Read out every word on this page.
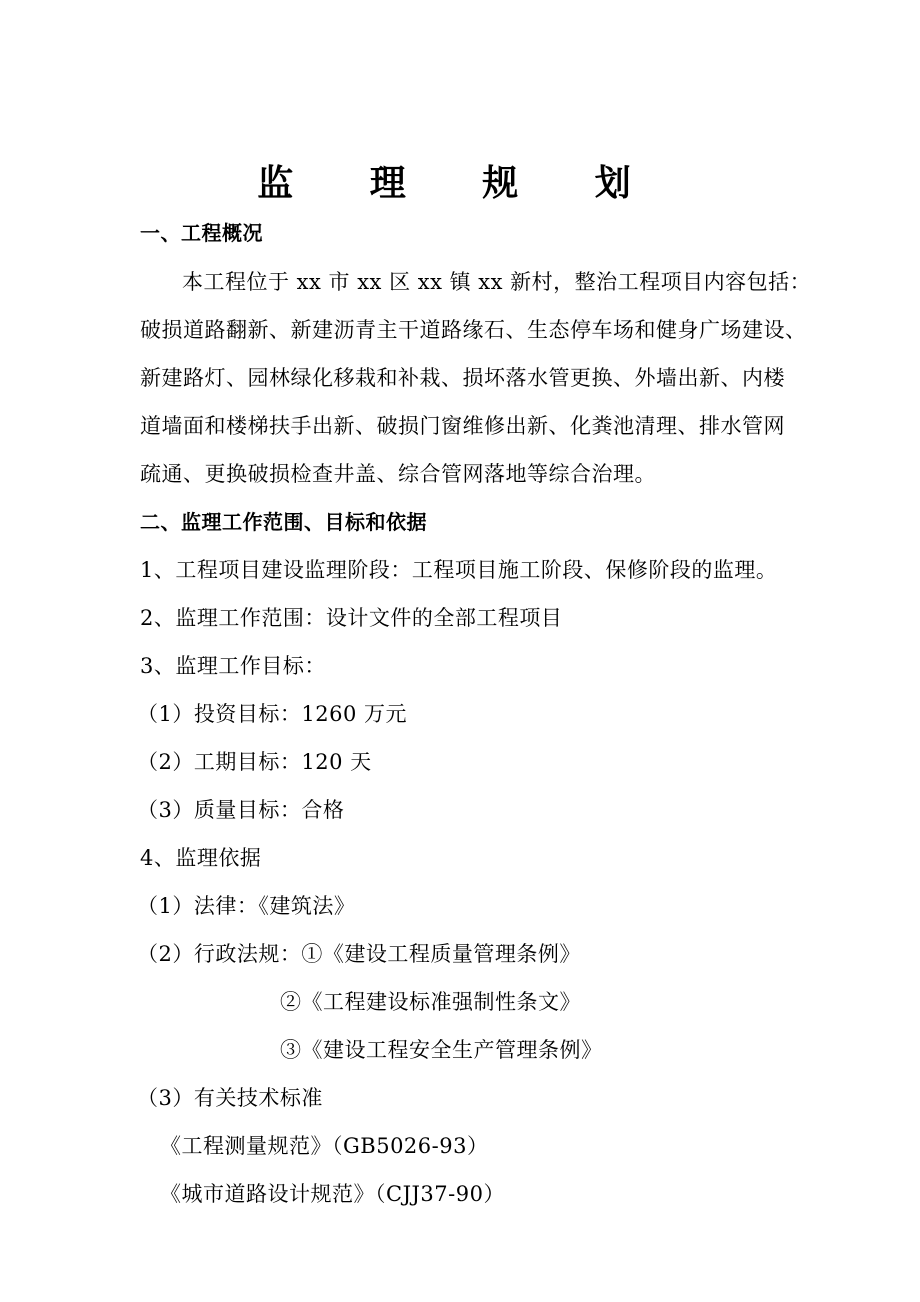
监 理 规 划
一、工程概况
本工程位于 xx 市 xx 区 xx 镇 xx 新村，整治工程项目内容包括：
破损道路翻新、新建沥青主干道路缘石、生态停车场和健身广场建设、
新建路灯、园林绿化移栽和补栽、损坏落水管更换、外墙出新、内楼
道墙面和楼梯扶手出新、破损门窗维修出新、化粪池清理、排水管网
疏通、更换破损检查井盖、综合管网落地等综合治理。
二、监理工作范围、目标和依据
1、工程项目建设监理阶段：工程项目施工阶段、保修阶段的监理。
2、监理工作范围：设计文件的全部工程项目
3、监理工作目标：
（1）投资目标：1260 万元
（2）工期目标：120 天
（3）质量目标：合格
4、监理依据
（1）法律：《建筑法》
（2）行政法规：①《建设工程质量管理条例》
②《工程建设标准强制性条文》
③《建设工程安全生产管理条例》
（3）有关技术标准
《工程测量规范》（GB5026-93）
《城市道路设计规范》（CJJ37-90）
